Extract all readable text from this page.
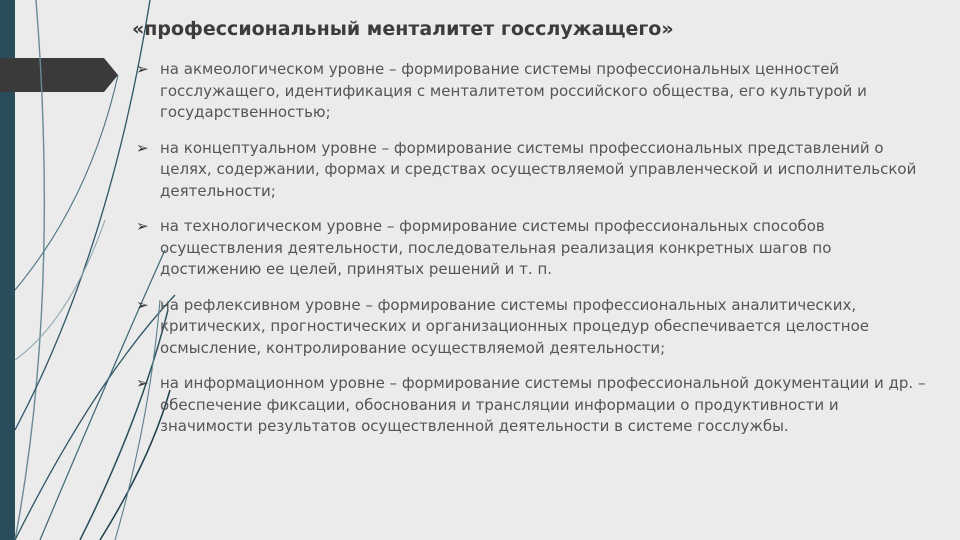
«профессиональный менталитет госслужащего»
➢ на акмеологическом уровне – формирование системы профессиональных ценностей госслужащего, идентификация с менталитетом российского общества, его культурой и государственностью;
➢ на концептуальном уровне – формирование системы профессиональных представлений о целях, содержании, формах и средствах осуществляемой управленческой и исполнительской деятельности;
➢ на технологическом уровне – формирование системы профессиональных способов осуществления деятельности, последовательная реализация конкретных шагов по достижению ее целей, принятых решений и т. п.
➢ на рефлексивном уровне – формирование системы профессиональных аналитических, критических, прогностических и организационных процедур обеспечивается целостное осмысление, контролирование осуществляемой деятельности;
➢ на информационном уровне – формирование системы профессиональной документации и др. – обеспечение фиксации, обоснования и трансляции информации о продуктивности и значимости результатов осуществленной деятельности в системе госслужбы.
